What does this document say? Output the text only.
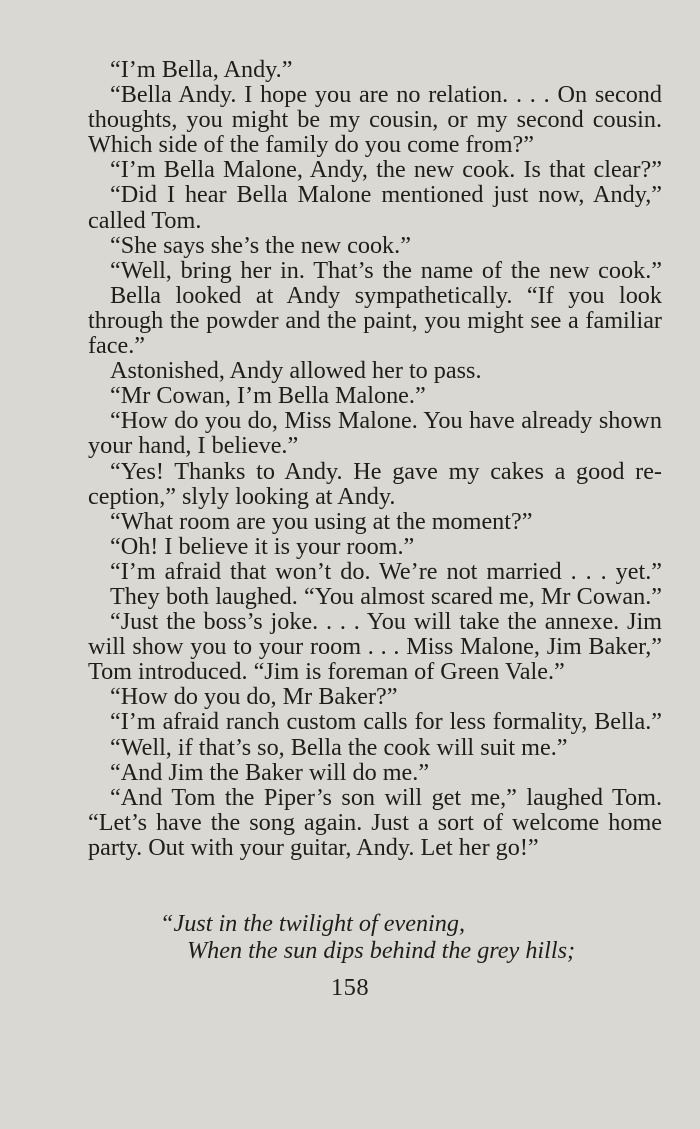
“I’m Bella, Andy.”
“Bella Andy. I hope you are no relation. . . . On second
thoughts, you might be my cousin, or my second cousin.
Which side of the family do you come from?”
“I’m Bella Malone, Andy, the new cook. Is that clear?”
“Did I hear Bella Malone mentioned just now, Andy,”
called Tom.
“She says she’s the new cook.”
“Well, bring her in. That’s the name of the new cook.”
Bella looked at Andy sympathetically. “If you look
through the powder and the paint, you might see a familiar
face.”
Astonished, Andy allowed her to pass.
“Mr Cowan, I’m Bella Malone.”
“How do you do, Miss Malone. You have already shown
your hand, I believe.”
“Yes! Thanks to Andy. He gave my cakes a good re-
ception,” slyly looking at Andy.
“What room are you using at the moment?”
“Oh! I believe it is your room.”
“I’m afraid that won’t do. We’re not married . . . yet.”
They both laughed. “You almost scared me, Mr Cowan.”
“Just the boss’s joke. . . . You will take the annexe. Jim
will show you to your room . . . Miss Malone, Jim Baker,”
Tom introduced. “Jim is foreman of Green Vale.”
“How do you do, Mr Baker?”
“I’m afraid ranch custom calls for less formality, Bella.”
“Well, if that’s so, Bella the cook will suit me.”
“And Jim the Baker will do me.”
“And Tom the Piper’s son will get me,” laughed Tom.
“Let’s have the song again. Just a sort of welcome home
party. Out with your guitar, Andy. Let her go!”
“Just in the twilight of evening,
When the sun dips behind the grey hills;
158
